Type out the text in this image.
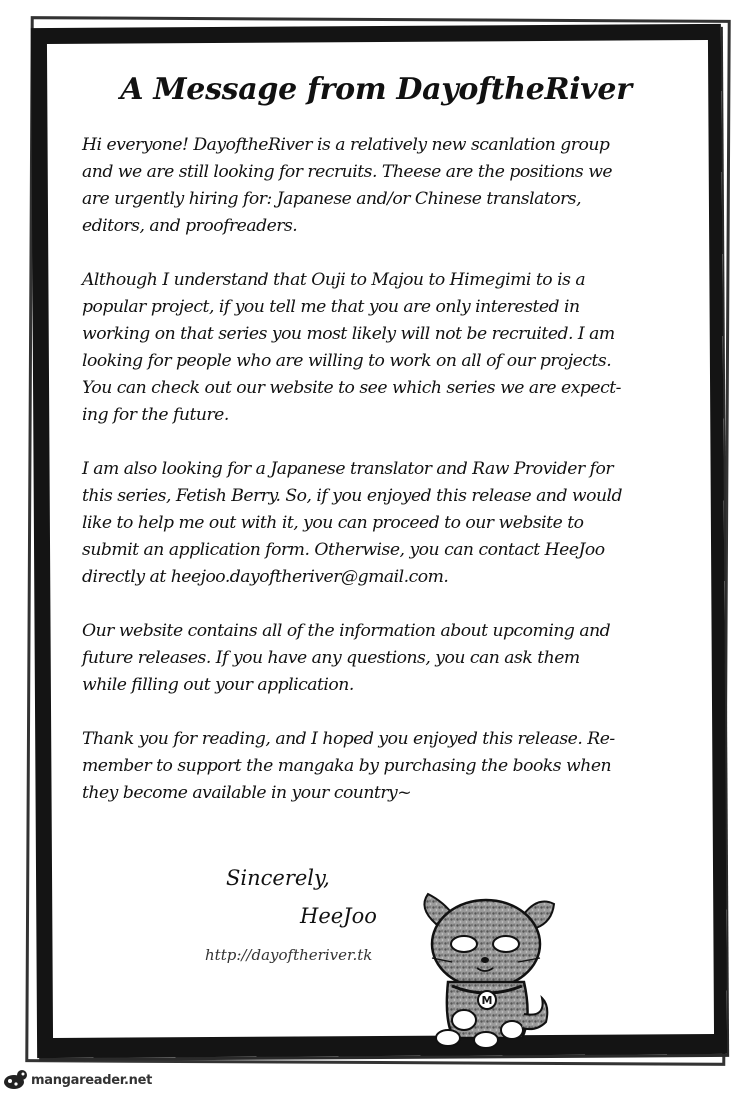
A Message from DayoftheRiver

Hi everyone! DayoftheRiver is a relatively new scanlation group
and we are still looking for recruits. Theese are the positions we
are urgently hiring for: Japanese and/or Chinese translators,
editors, and proofreaders.

Although I understand that Ouji to Majou to Himegimi to is a
popular project, if you tell me that you are only interested in
working on that series you most likely will not be recruited. I am
looking for people who are willing to work on all of our projects.
You can check out our website to see which series we are expect-
ing for the future.

I am also looking for a Japanese translator and Raw Provider for
this series, Fetish Berry. So, if you enjoyed this release and would
like to help me out with it, you can proceed to our website to
submit an application form. Otherwise, you can contact HeeJoo
directly at heejoo.dayoftheriver@gmail.com.

Our website contains all of the information about upcoming and
future releases. If you have any questions, you can ask them
while filling out your application.

Thank you for reading, and I hoped you enjoyed this release. Re-
member to support the mangaka by purchasing the books when
they become available in your country~

Sincerely,
HeeJoo
http://dayoftheriver.tk
M
mangareader.net
